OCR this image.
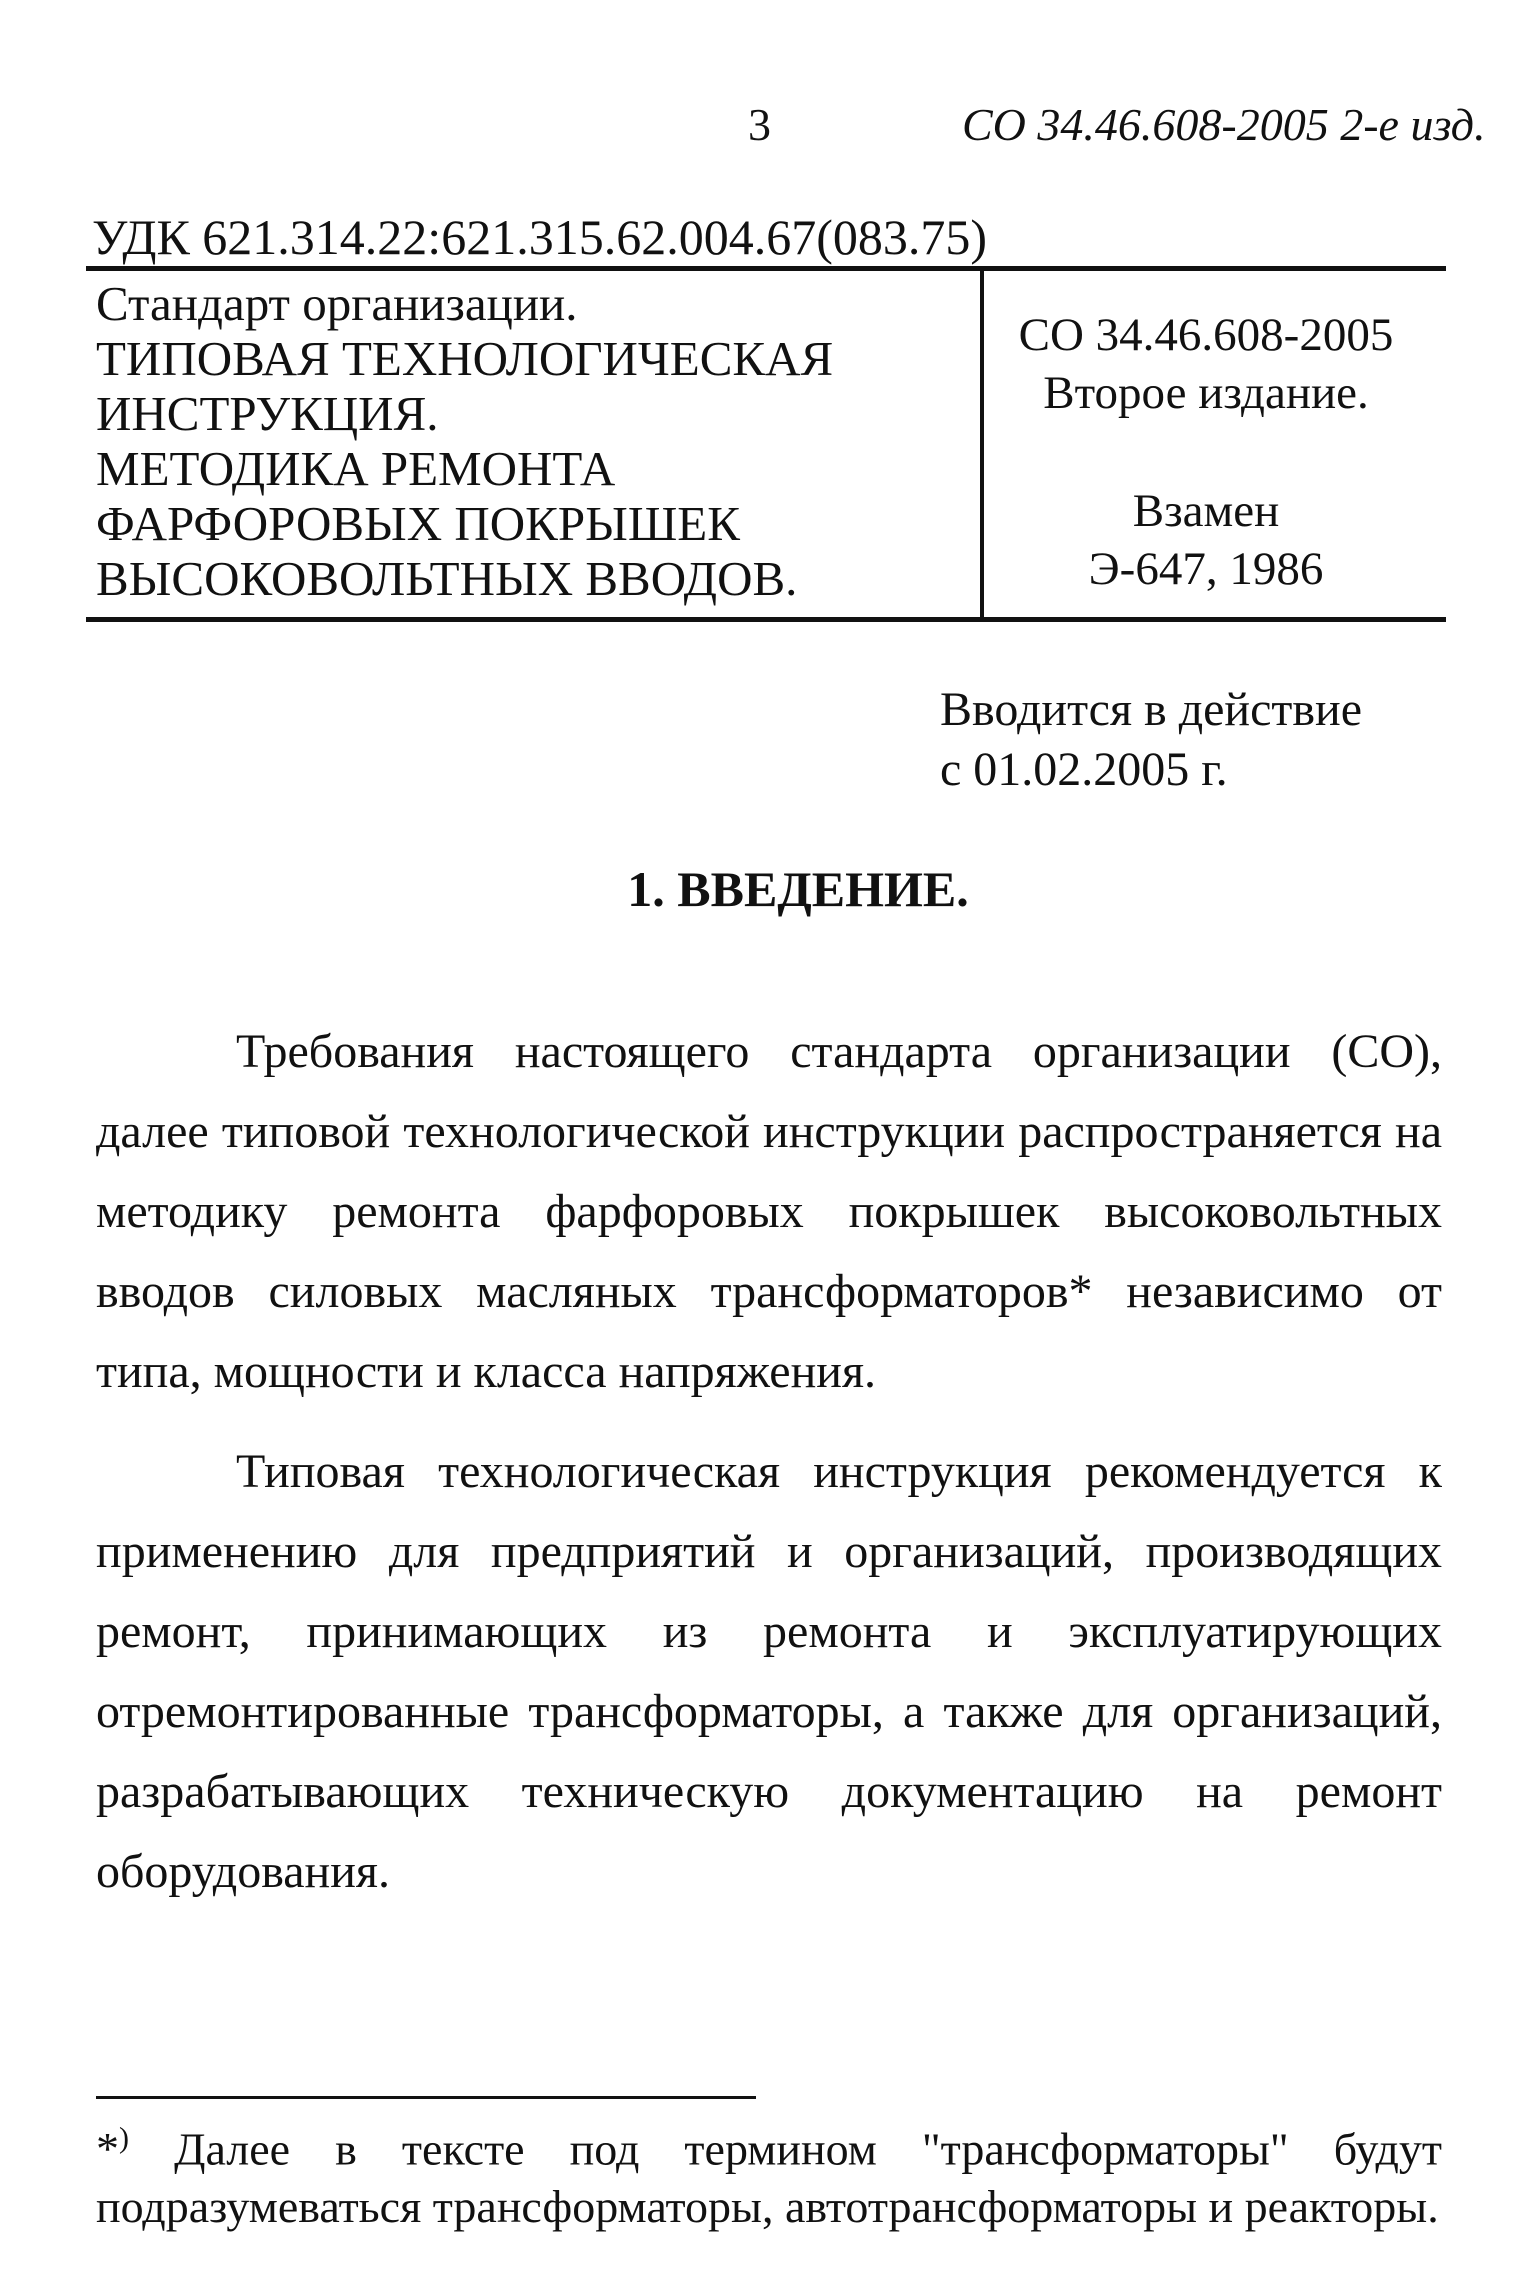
3	СО 34.46.608-2005 2-е изд.
УДК 621.314.22:621.315.62.004.67(083.75)
Стандарт организации.
ТИПОВАЯ ТЕХНОЛОГИЧЕСКАЯ
ИНСТРУКЦИЯ.
МЕТОДИКА РЕМОНТА
ФАРФОРОВЫХ ПОКРЫШЕК
ВЫСОКОВОЛЬТНЫХ ВВОДОВ.
СО 34.46.608-2005
Второе издание.
Взамен
Э-647, 1986
Вводится в действие
с 01.02.2005 г.
1. ВВЕДЕНИЕ.

Требования настоящего стандарта организации (СО), далее типовой технологической инструкции распространяется на методику ремонта фарфоровых покрышек высоковольтных вводов силовых масляных трансформаторов* независимо от типа, мощности и класса напряжения.

Типовая технологическая инструкция рекомендуется к применению для предприятий и организаций, производящих ремонт, принимающих из ремонта и эксплуатирующих отремонтированные трансформаторы, а также для организаций, разрабатывающих техническую документацию на ремонт оборудования.

*) Далее в тексте под термином "трансформаторы" будут подразумеваться трансформаторы, автотрансформаторы и реакторы.
